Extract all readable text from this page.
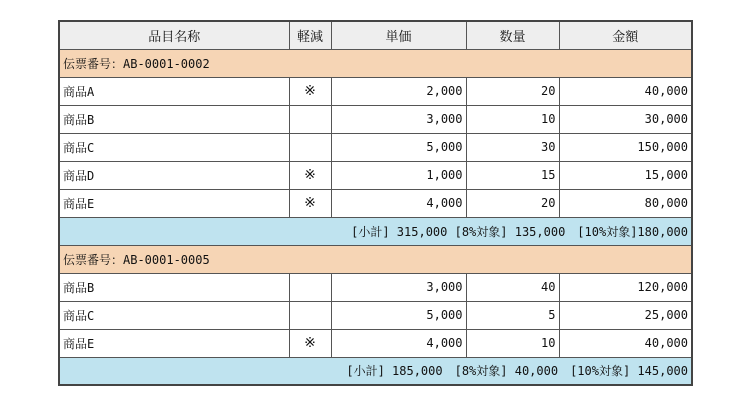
品目名称	軽減	単価	数量	金額
伝票番号：AB-0001-0002				
商品A	※	2,000	20	40,000
商品B		3,000	10	30,000
商品C		5,000	30	150,000
商品D	※	1,000	15	15,000
商品E	※	4,000	20	80,000
[小計] 315,000 [8%対象] 135,000　[10%対象]180,000				
伝票番号：AB-0001-0005				
商品B		3,000	40	120,000
商品C		5,000	5	25,000
商品E	※	4,000	10	40,000
[小計] 185,000　[8%対象] 40,000　[10%対象] 145,000				
